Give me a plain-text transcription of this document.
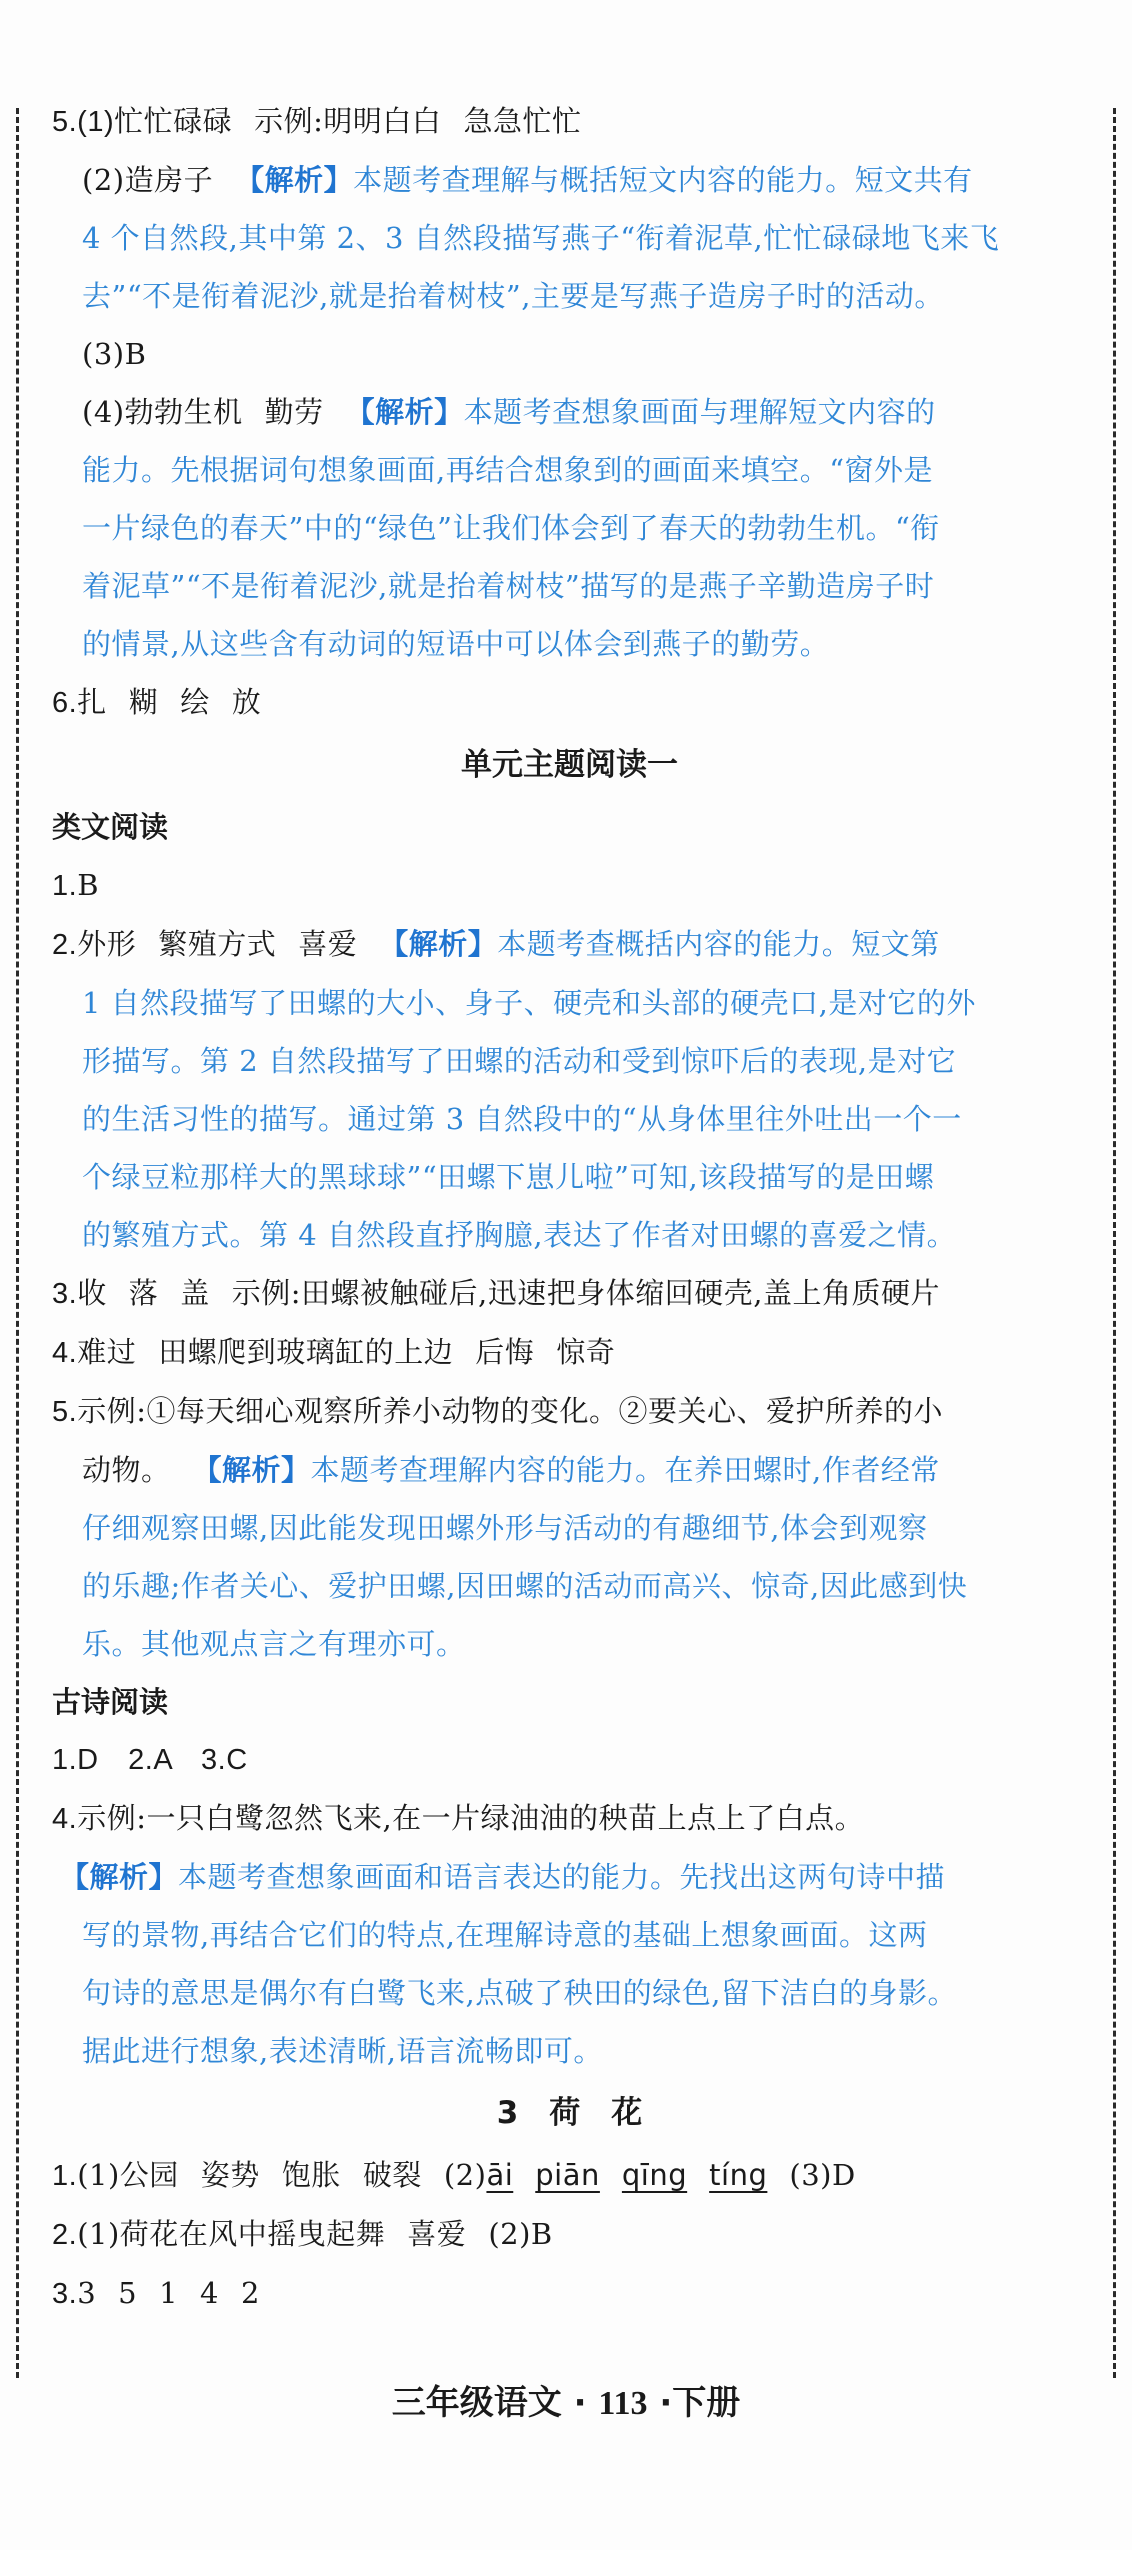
5.(1)忙忙碌碌 示例:明明白白 急急忙忙
(2)造房子 【解析】本题考查理解与概括短文内容的能力。短文共有
4 个自然段,其中第 2、3 自然段描写燕子“衔着泥草,忙忙碌碌地飞来飞
去”“不是衔着泥沙,就是抬着树枝”,主要是写燕子造房子时的活动。
(3)B
(4)勃勃生机 勤劳 【解析】本题考查想象画面与理解短文内容的
能力。先根据词句想象画面,再结合想象到的画面来填空。“窗外是
一片绿色的春天”中的“绿色”让我们体会到了春天的勃勃生机。“衔
着泥草”“不是衔着泥沙,就是抬着树枝”描写的是燕子辛勤造房子时
的情景,从这些含有动词的短语中可以体会到燕子的勤劳。
6.扎 糊 绘 放
单元主题阅读一
类文阅读
1.B
2.外形 繁殖方式 喜爱 【解析】本题考查概括内容的能力。短文第
1 自然段描写了田螺的大小、身子、硬壳和头部的硬壳口,是对它的外
形描写。第 2 自然段描写了田螺的活动和受到惊吓后的表现,是对它
的生活习性的描写。通过第 3 自然段中的“从身体里往外吐出一个一
个绿豆粒那样大的黑球球”“田螺下崽儿啦”可知,该段描写的是田螺
的繁殖方式。第 4 自然段直抒胸臆,表达了作者对田螺的喜爱之情。
3.收 落 盖 示例:田螺被触碰后,迅速把身体缩回硬壳,盖上角质硬片
4.难过 田螺爬到玻璃缸的上边 后悔 惊奇
5.示例:①每天细心观察所养小动物的变化。②要关心、爱护所养的小
动物。 【解析】本题考查理解内容的能力。在养田螺时,作者经常
仔细观察田螺,因此能发现田螺外形与活动的有趣细节,体会到观察
的乐趣;作者关心、爱护田螺,因田螺的活动而高兴、惊奇,因此感到快
乐。其他观点言之有理亦可。
古诗阅读
1.D　2.A　3.C
4.示例:一只白鹭忽然飞来,在一片绿油油的秧苗上点上了白点。
【解析】本题考查想象画面和语言表达的能力。先找出这两句诗中描
写的景物,再结合它们的特点,在理解诗意的基础上想象画面。这两
句诗的意思是偶尔有白鹭飞来,点破了秧田的绿色,留下洁白的身影。
据此进行想象,表述清晰,语言流畅即可。
3　荷　花
1.(1)公园 姿势 饱胀 破裂 (2)āi piān qīng tíng (3)D
2.(1)荷花在风中摇曳起舞 喜爱 (2)B
3.3 5 1 4 2
三年级语文 · 113 ·下册
